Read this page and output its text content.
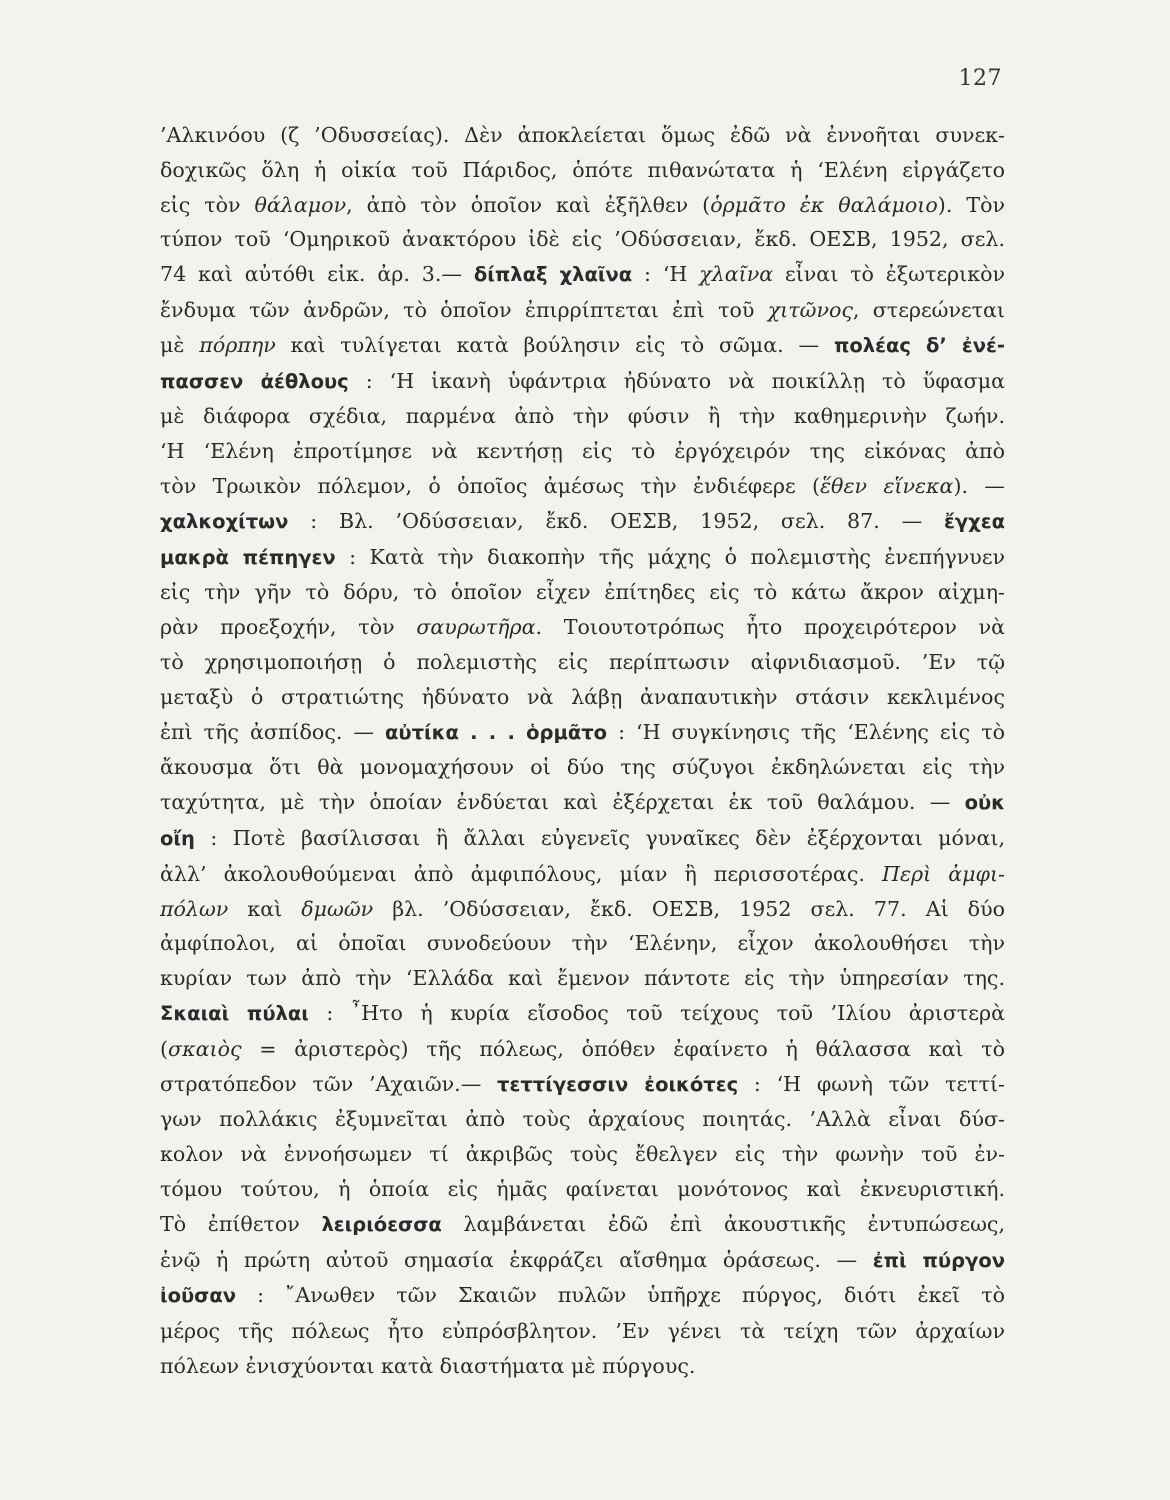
127
’Αλκινόου (ζ ’Οδυσσείας). Δὲν ἀποκλείεται ὅμως ἐδῶ νὰ ἐννοῆται συνεκ-
δοχικῶς ὅλη ἡ οἰκία τοῦ Πάριδος, ὁπότε πιθανώτατα ἡ ‘Ελένη εἰργάζετο
εἰς τὸν θάλαμον, ἀπὸ τὸν ὁποῖον καὶ ἐξῆλθεν (ὁρμᾶτο ἐκ θαλάμοιο). Τὸν
τύπον τοῦ ‘Ομηρικοῦ ἀνακτόρου ἰδὲ εἰς ’Οδύσσειαν, ἔκδ. ΟΕΣΒ, 1952, σελ.
74 καὶ αὐτόθι εἰκ. ἀρ. 3.— δίπλαξ χλαῖνα : ‘Η χλαῖνα εἶναι τὸ ἐξωτερικὸν
ἔνδυμα τῶν ἀνδρῶν, τὸ ὁποῖον ἐπιρρίπτεται ἐπὶ τοῦ χιτῶνος, στερεώνεται
μὲ πόρπην καὶ τυλίγεται κατὰ βούλησιν εἰς τὸ σῶμα. — πολέας δ’ ἐνέ-
πασσεν ἀέθλους : ‘Η ἱκανὴ ὑφάντρια ἠδύνατο νὰ ποικίλλῃ τὸ ὕφασμα
μὲ διάφορα σχέδια, παρμένα ἀπὸ τὴν φύσιν ἢ τὴν καθημερινὴν ζωήν.
‘Η ‘Ελένη ἐπροτίμησε νὰ κεντήσῃ εἰς τὸ ἐργόχειρόν της εἰκόνας ἀπὸ
τὸν Τρωικὸν πόλεμον, ὁ ὁποῖος ἀμέσως τὴν ἐνδιέφερε (ἕθεν εἵνεκα). —
χαλκοχίτων : Βλ. ’Οδύσσειαν, ἔκδ. ΟΕΣΒ, 1952, σελ. 87. — ἔγχεα
μακρὰ πέπηγεν : Κατὰ τὴν διακοπὴν τῆς μάχης ὁ πολεμιστὴς ἐνεπήγνυεν
εἰς τὴν γῆν τὸ δόρυ, τὸ ὁποῖον εἶχεν ἐπίτηδες εἰς τὸ κάτω ἄκρον αἰχμη-
ρὰν προεξοχήν, τὸν σαυρωτῆρα. Τοιουτοτρόπως ἦτο προχειρότερον νὰ
τὸ χρησιμοποιήσῃ ὁ πολεμιστὴς εἰς περίπτωσιν αἰφνιδιασμοῦ. ’Εν τῷ
μεταξὺ ὁ στρατιώτης ἠδύνατο νὰ λάβῃ ἀναπαυτικὴν στάσιν κεκλιμένος
ἐπὶ τῆς ἀσπίδος. — αὐτίκα . . . ὁρμᾶτο : ‘Η συγκίνησις τῆς ‘Ελένης εἰς τὸ
ἄκουσμα ὅτι θὰ μονομαχήσουν οἱ δύο της σύζυγοι ἐκδηλώνεται εἰς τὴν
ταχύτητα, μὲ τὴν ὁποίαν ἐνδύεται καὶ ἐξέρχεται ἐκ τοῦ θαλάμου. — οὐκ
οἴη : Ποτὲ βασίλισσαι ἢ ἄλλαι εὐγενεῖς γυναῖκες δὲν ἐξέρχονται μόναι,
ἀλλ’ ἀκολουθούμεναι ἀπὸ ἀμφιπόλους, μίαν ἢ περισσοτέρας. Περὶ ἀμφι-
πόλων καὶ δμωῶν βλ. ’Οδύσσειαν, ἔκδ. ΟΕΣΒ, 1952 σελ. 77. Αἱ δύο
ἀμφίπολοι, αἱ ὁποῖαι συνοδεύουν τὴν ‘Ελένην, εἶχον ἀκολουθήσει τὴν
κυρίαν των ἀπὸ τὴν ‘Ελλάδα καὶ ἔμενον πάντοτε εἰς τὴν ὑπηρεσίαν της.
Σκαιαὶ πύλαι : ῏Ητο ἡ κυρία εἴσοδος τοῦ τείχους τοῦ ’Ιλίου ἀριστερὰ
(σκαιὸς = ἀριστερὸς) τῆς πόλεως, ὁπόθεν ἐφαίνετο ἡ θάλασσα καὶ τὸ
στρατόπεδον τῶν ’Αχαιῶν.— τεττίγεσσιν ἐοικότες : ‘Η φωνὴ τῶν τεττί-
γων πολλάκις ἐξυμνεῖται ἀπὸ τοὺς ἀρχαίους ποιητάς. ’Αλλὰ εἶναι δύσ-
κολον νὰ ἐννοήσωμεν τί ἀκριβῶς τοὺς ἔθελγεν εἰς τὴν φωνὴν τοῦ ἐν-
τόμου τούτου, ἡ ὁποία εἰς ἡμᾶς φαίνεται μονότονος καὶ ἐκνευριστική.
Τὸ ἐπίθετον λειριόεσσα λαμβάνεται ἐδῶ ἐπὶ ἀκουστικῆς ἐντυπώσεως,
ἐνῷ ἡ πρώτη αὐτοῦ σημασία ἐκφράζει αἴσθημα ὁράσεως. — ἐπὶ πύργον
ἰοῦσαν : ῎Ανωθεν τῶν Σκαιῶν πυλῶν ὑπῆρχε πύργος, διότι ἐκεῖ τὸ
μέρος τῆς πόλεως ἦτο εὐπρόσβλητον. ’Εν γένει τὰ τείχη τῶν ἀρχαίων
πόλεων ἐνισχύονται κατὰ διαστήματα μὲ πύργους.
